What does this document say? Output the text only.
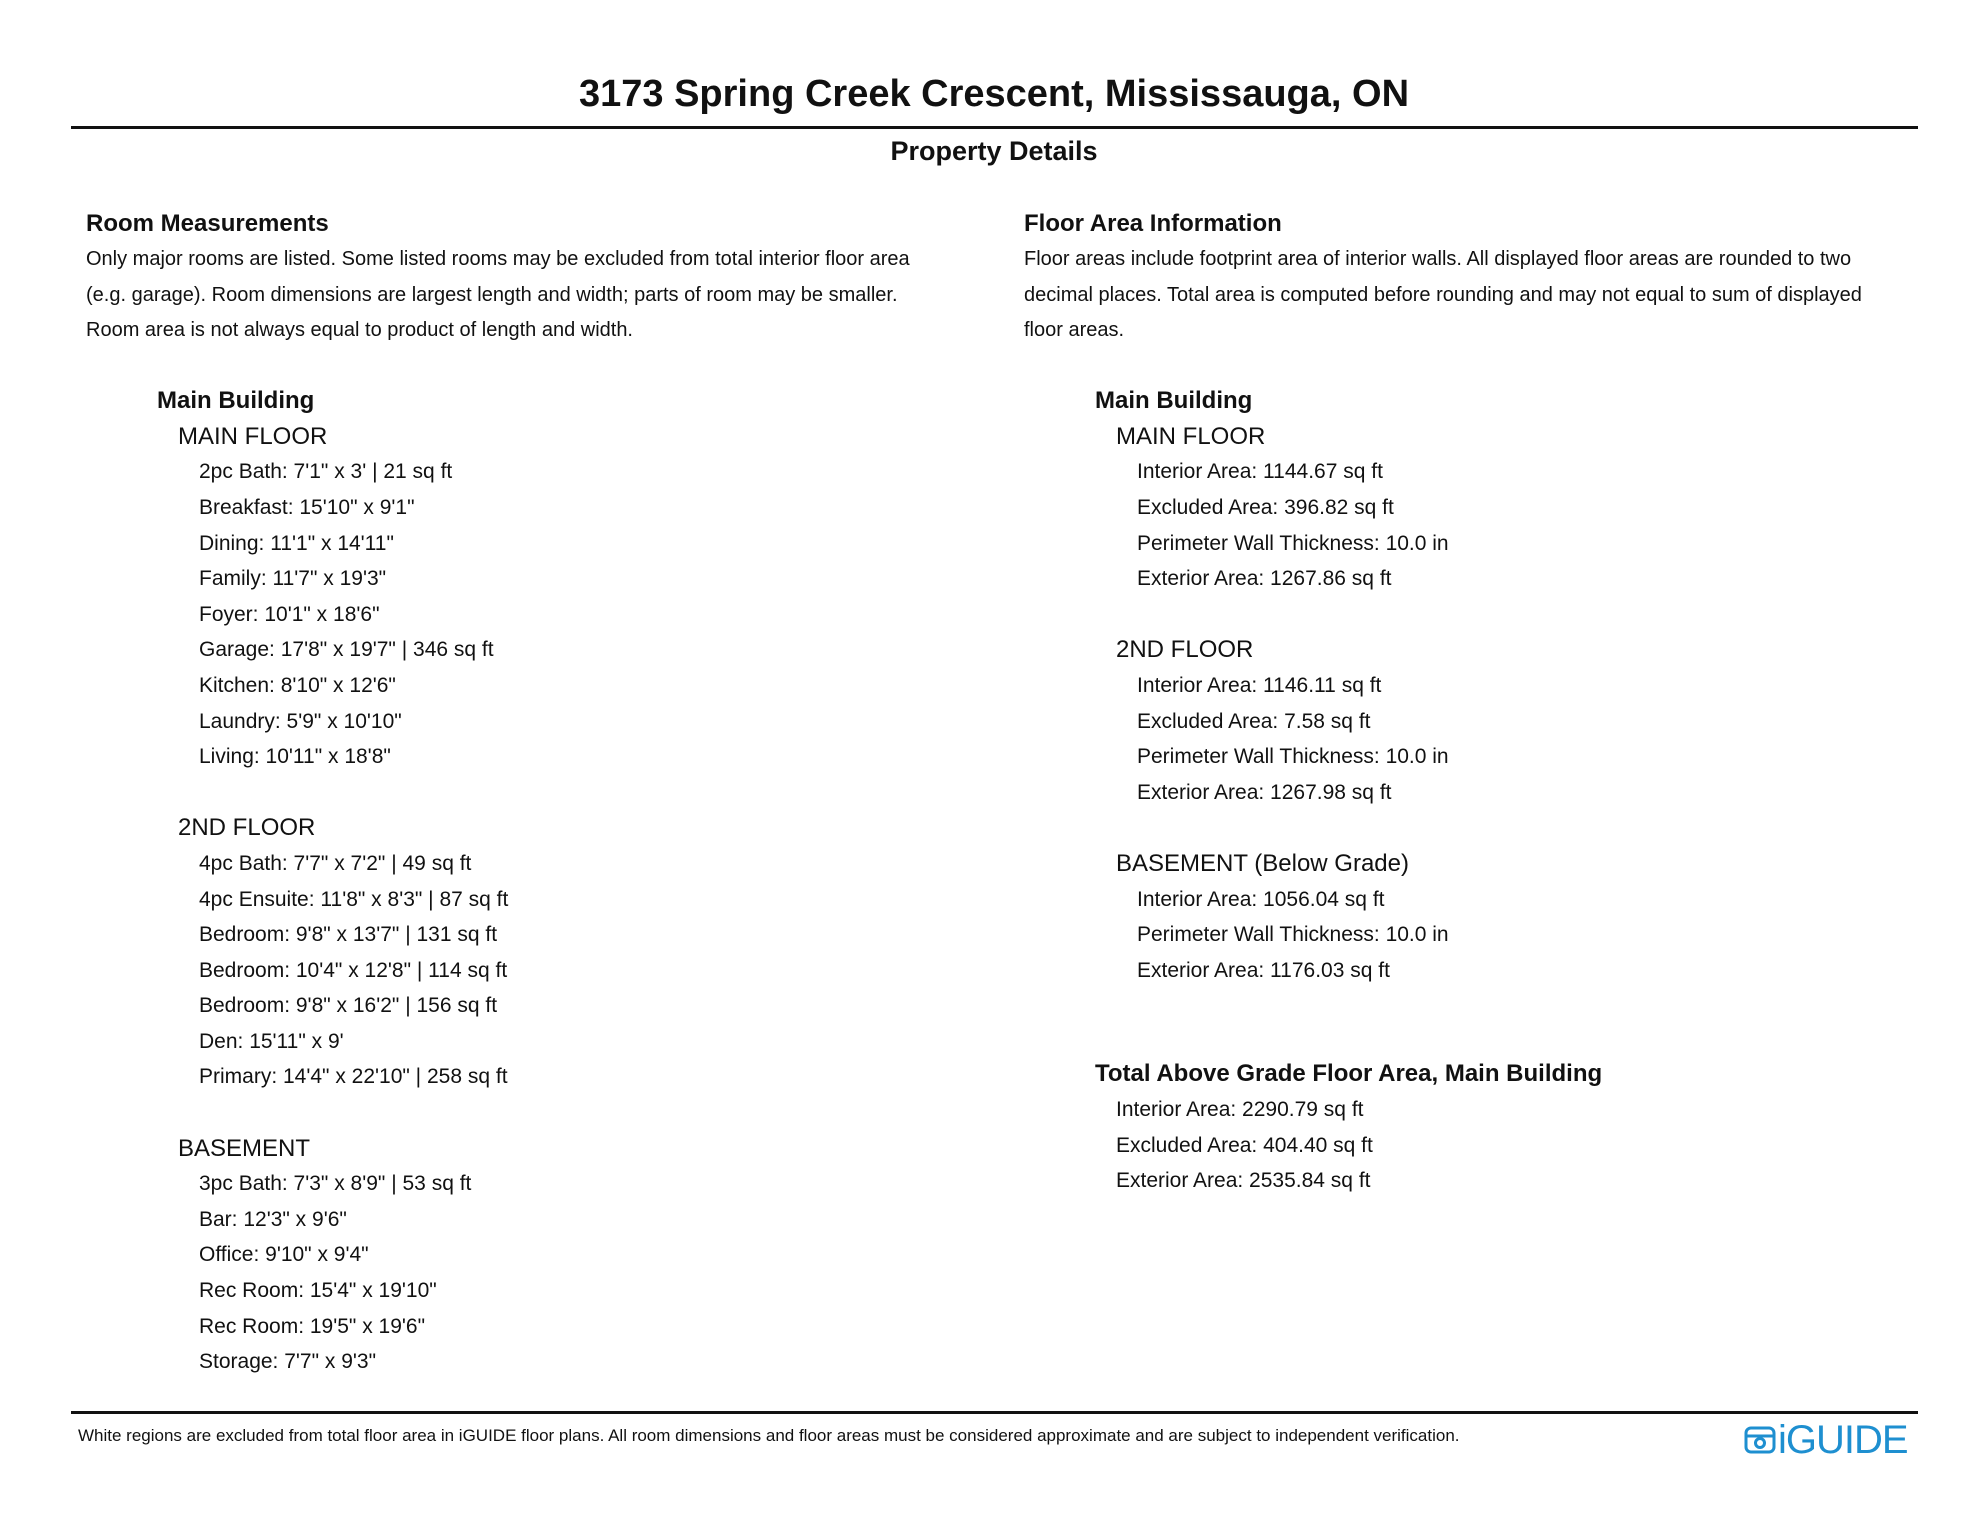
3173 Spring Creek Crescent, Mississauga, ON
Property Details

Room Measurements

Only major rooms are listed. Some listed rooms may be excluded from total interior floor area

(e.g. garage). Room dimensions are largest length and width; parts of room may be smaller.

Room area is not always equal to product of length and width.

Main Building

MAIN FLOOR
2pc Bath: 7'1" x 3' | 21 sq ft
Breakfast: 15'10" x 9'1"
Dining: 11'1" x 14'11"
Family: 11'7" x 19'3"
Foyer: 10'1" x 18'6"
Garage: 17'8" x 19'7" | 346 sq ft
Kitchen: 8'10" x 12'6"
Laundry: 5'9" x 10'10"
Living: 10'11" x 18'8"
2ND FLOOR
4pc Bath: 7'7" x 7'2" | 49 sq ft
4pc Ensuite: 11'8" x 8'3" | 87 sq ft
Bedroom: 9'8" x 13'7" | 131 sq ft
Bedroom: 10'4" x 12'8" | 114 sq ft
Bedroom: 9'8" x 16'2" | 156 sq ft
Den: 15'11" x 9'
Primary: 14'4" x 22'10" | 258 sq ft
BASEMENT
3pc Bath: 7'3" x 8'9" | 53 sq ft
Bar: 12'3" x 9'6"
Office: 9'10" x 9'4"
Rec Room: 15'4" x 19'10"
Rec Room: 19'5" x 19'6"
Storage: 7'7" x 9'3"

Floor Area Information

Floor areas include footprint area of interior walls. All displayed floor areas are rounded to two

decimal places. Total area is computed before rounding and may not equal to sum of displayed

floor areas.

Main Building

MAIN FLOOR
Interior Area: 1144.67 sq ft
Excluded Area: 396.82 sq ft
Perimeter Wall Thickness: 10.0 in
Exterior Area: 1267.86 sq ft
2ND FLOOR
Interior Area: 1146.11 sq ft
Excluded Area: 7.58 sq ft
Perimeter Wall Thickness: 10.0 in
Exterior Area: 1267.98 sq ft
BASEMENT (Below Grade)
Interior Area: 1056.04 sq ft
Perimeter Wall Thickness: 10.0 in
Exterior Area: 1176.03 sq ft

Total Above Grade Floor Area, Main Building

Interior Area: 2290.79 sq ft
Excluded Area: 404.40 sq ft
Exterior Area: 2535.84 sq ft
White regions are excluded from total floor area in iGUIDE floor plans. All room dimensions and floor areas must be considered approximate and are subject to independent verification.	iGUIDE
